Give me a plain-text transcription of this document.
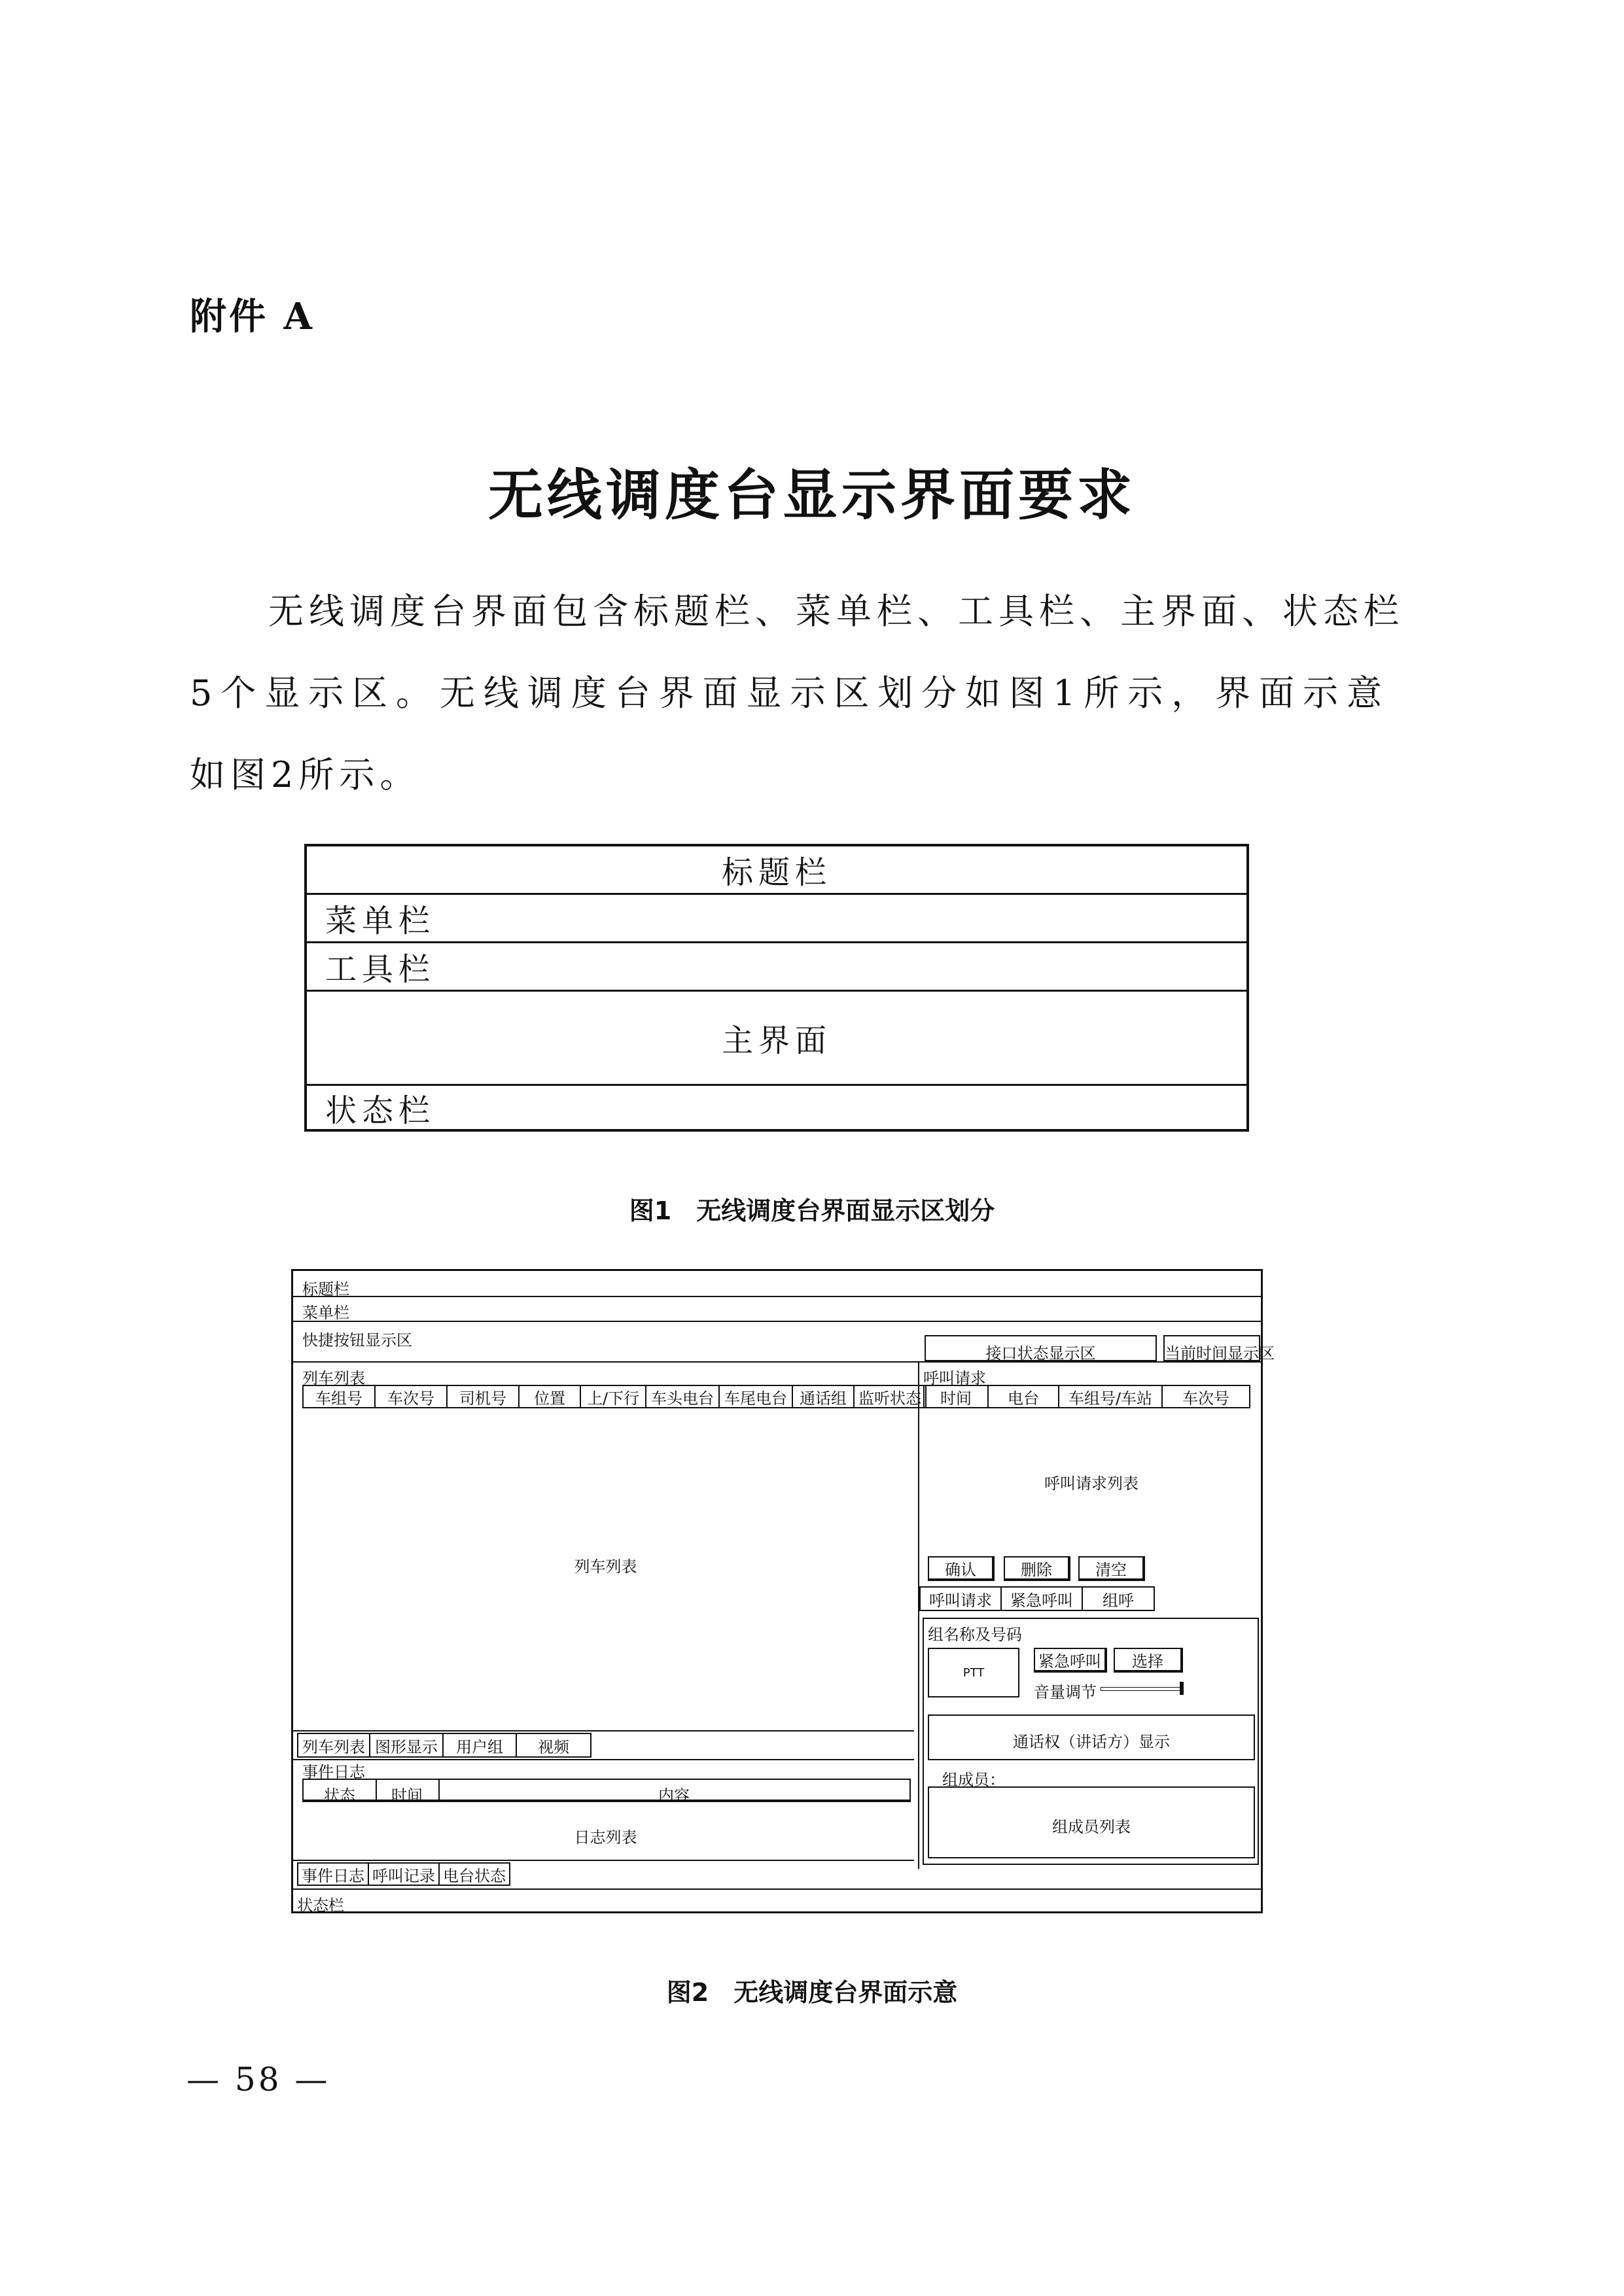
附件 A
无线调度台显示界面要求
无线调度台界面包含标题栏、菜单栏、工具栏、主界面、状态栏
5个显示区。无线调度台界面显示区划分如图1所示，界面示意
如图2所示。
标题栏
菜单栏
工具栏
主界面
状态栏
图1　无线调度台界面显示区划分
标题栏
菜单栏
快捷按钮显示区
接口状态显示区	当前时间显示区
列车列表
车组号	车次号	司机号	位置	上/下行 车头电台 车尾电台 通话组 监听状态
列车列表
列车列表 图形显示	用户组	视频
事件日志
状态	时间	内容
日志列表
事件日志 呼叫记录 电台状态
状态栏
呼叫请求
时间	电台	车组号/车站	车次号
呼叫请求列表
确认	删除	清空
呼叫请求	紧急呼叫	组呼
组名称及号码
PTT
紧急呼叫	选择
音量调节
通话权（讲话方）显示
组成员：
组成员列表
图2　无线调度台界面示意
— 58 —
